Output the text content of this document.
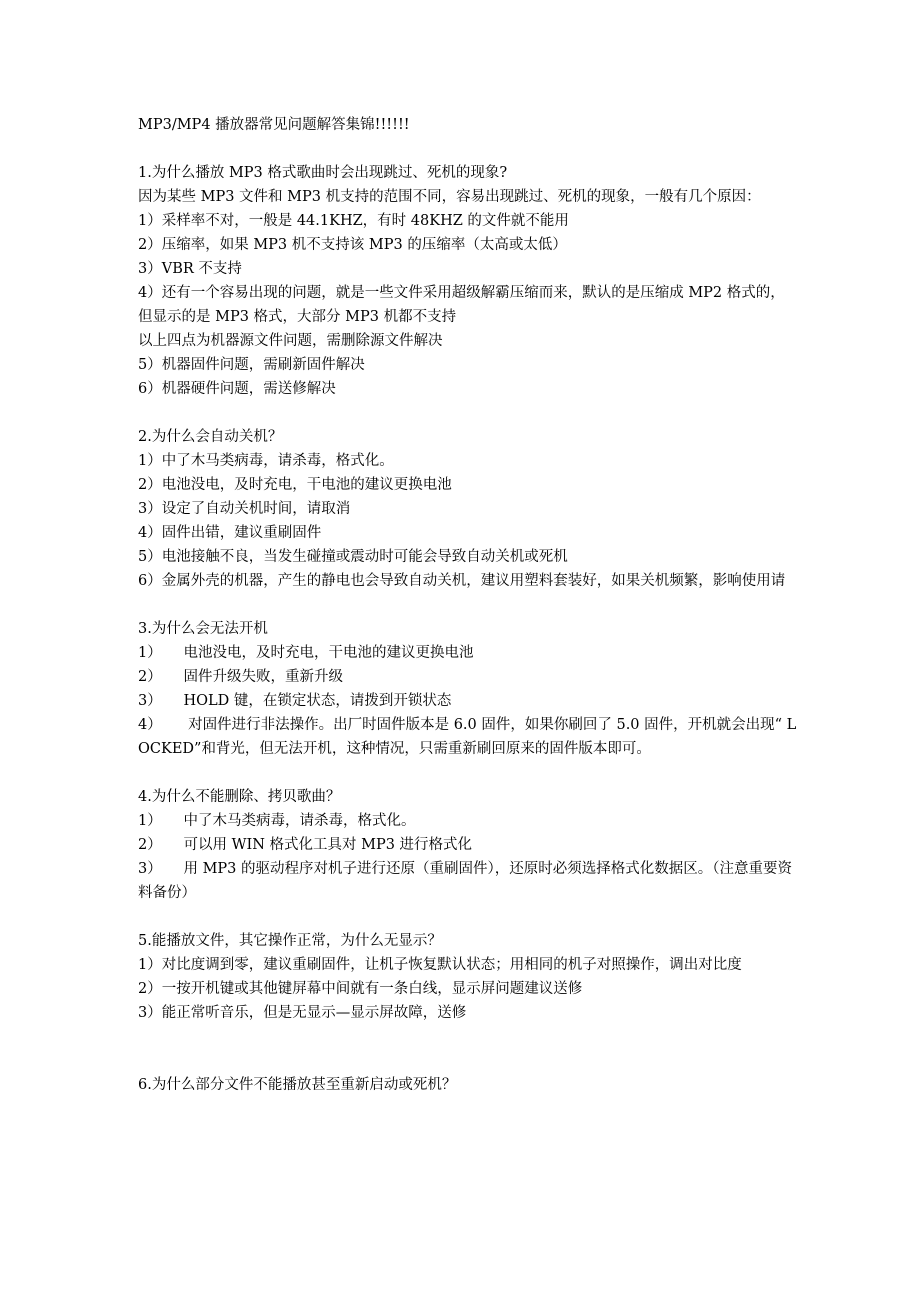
MP3/MP4 播放器常见问题解答集锦!!!!!!
1.为什么播放 MP3 格式歌曲时会出现跳过、死机的现象?
因为某些 MP3 文件和 MP3 机支持的范围不同，容易出现跳过、死机的现象，一般有几个原因：
1）采样率不对，一般是 44.1KHZ，有时 48KHZ 的文件就不能用
2）压缩率，如果 MP3 机不支持该 MP3 的压缩率（太高或太低）
3）VBR 不支持
4）还有一个容易出现的问题，就是一些文件采用超级解霸压缩而来，默认的是压缩成 MP2 格式的，但显示的是 MP3 格式，大部分 MP3 机都不支持
以上四点为机器源文件问题，需删除源文件解决
5）机器固件问题，需刷新固件解决
6）机器硬件问题，需送修解决
2.为什么会自动关机？
1）中了木马类病毒，请杀毒，格式化。
2）电池没电，及时充电，干电池的建议更换电池
3）设定了自动关机时间，请取消
4）固件出错，建议重刷固件
5）电池接触不良，当发生碰撞或震动时可能会导致自动关机或死机
6）金属外壳的机器，产生的静电也会导致自动关机，建议用塑料套装好，如果关机频繁，影响使用请
3.为什么会无法开机
1）　　电池没电，及时充电，干电池的建议更换电池
2）　　固件升级失败，重新升级
3）　　HOLD 键，在锁定状态，请拨到开锁状态
4）　　 对固件进行非法操作。出厂时固件版本是 6.0 固件，如果你刷回了 5.0 固件，开机就会出现“ LOCKED”和背光，但无法开机，这种情况，只需重新刷回原来的固件版本即可。
4.为什么不能删除、拷贝歌曲？
1）　　中了木马类病毒，请杀毒，格式化。
2）　　可以用 WIN 格式化工具对 MP3 进行格式化
3）　　用 MP3 的驱动程序对机子进行还原（重刷固件），还原时必须选择格式化数据区。（注意重要资料备份）
5.能播放文件，其它操作正常，为什么无显示？
1）对比度调到零，建议重刷固件，让机子恢复默认状态；用相同的机子对照操作，调出对比度
2）一按开机键或其他键屏幕中间就有一条白线，显示屏问题建议送修
3）能正常听音乐，但是无显示—显示屏故障，送修
6.为什么部分文件不能播放甚至重新启动或死机？
